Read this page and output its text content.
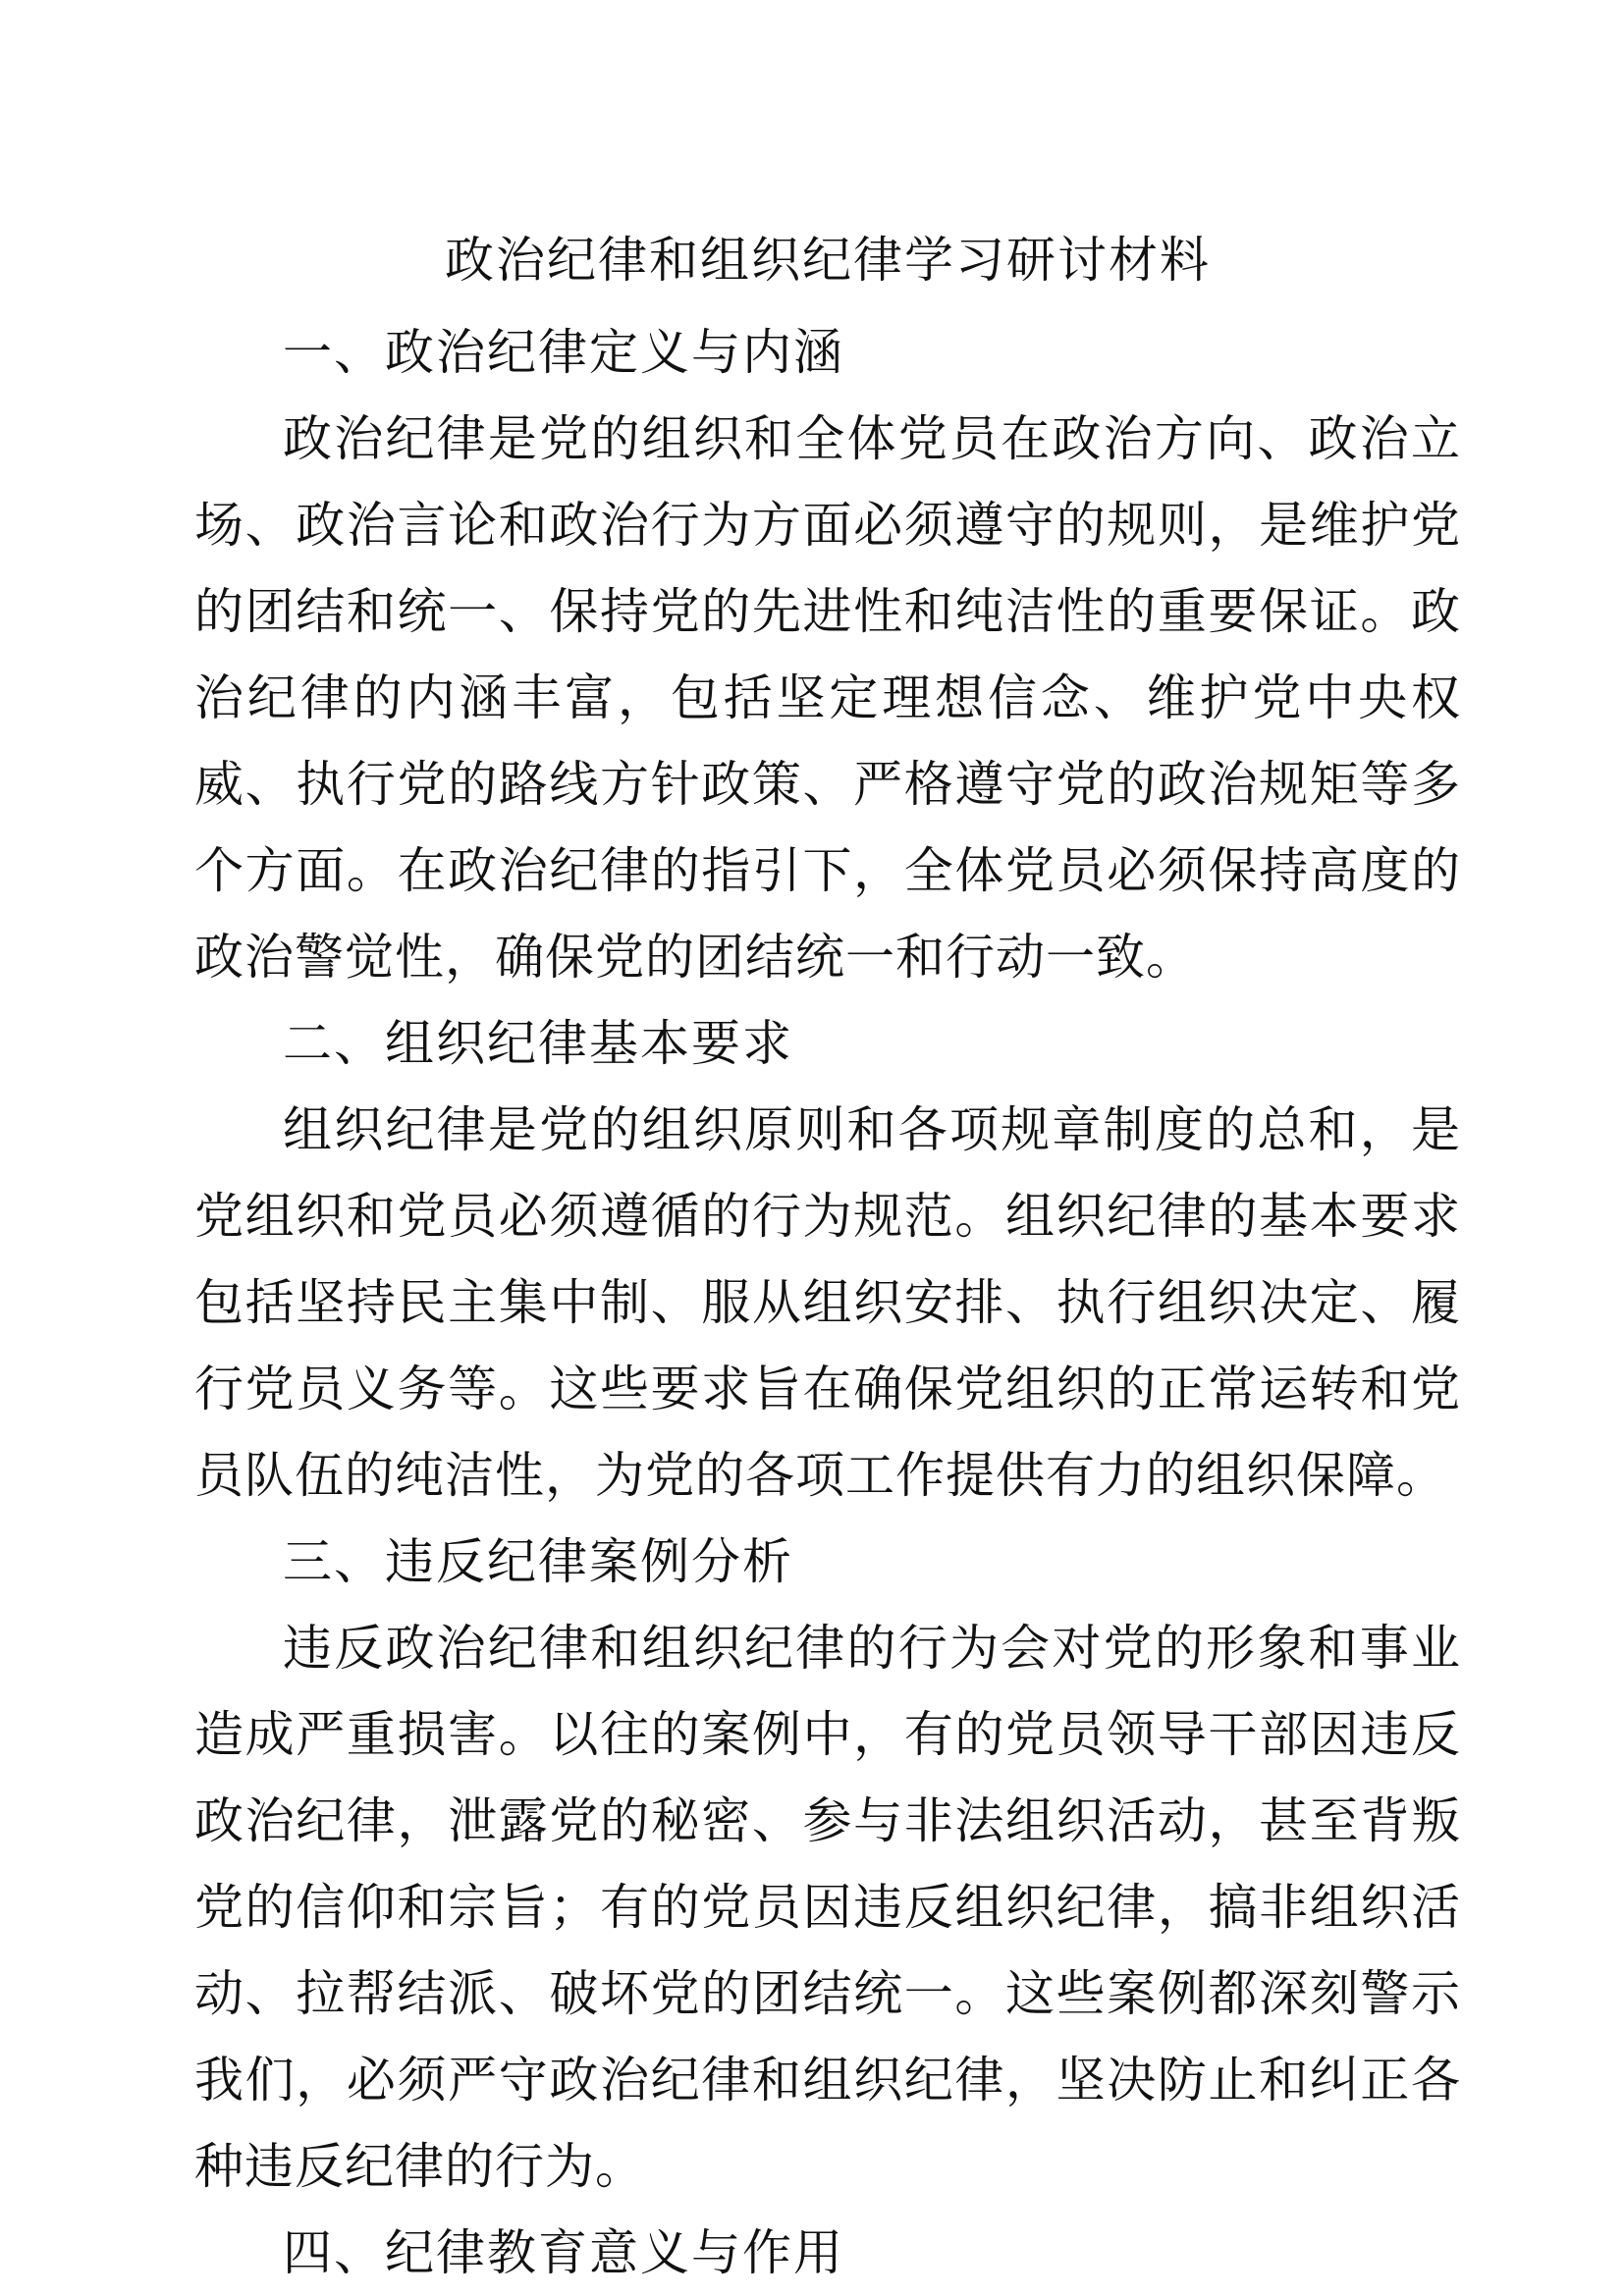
政治纪律和组织纪律学习研讨材料
一、政治纪律定义与内涵

政治纪律是党的组织和全体党员在政治方向、政治立场、政治言论和政治行为方面必须遵守的规则，是维护党的团结和统一、保持党的先进性和纯洁性的重要保证。政治纪律的内涵丰富，包括坚定理想信念、维护党中央权威、执行党的路线方针政策、严格遵守党的政治规矩等多个方面。在政治纪律的指引下，全体党员必须保持高度的政治警觉性，确保党的团结统一和行动一致。

二、组织纪律基本要求

组织纪律是党的组织原则和各项规章制度的总和，是党组织和党员必须遵循的行为规范。组织纪律的基本要求包括坚持民主集中制、服从组织安排、执行组织决定、履行党员义务等。这些要求旨在确保党组织的正常运转和党员队伍的纯洁性，为党的各项工作提供有力的组织保障。

三、违反纪律案例分析

违反政治纪律和组织纪律的行为会对党的形象和事业造成严重损害。以往的案例中，有的党员领导干部因违反政治纪律，泄露党的秘密、参与非法组织活动，甚至背叛党的信仰和宗旨；有的党员因违反组织纪律，搞非组织活动、拉帮结派、破坏党的团结统一。这些案例都深刻警示我们，必须严守政治纪律和组织纪律，坚决防止和纠正各种违反纪律的行为。

四、纪律教育意义与作用
